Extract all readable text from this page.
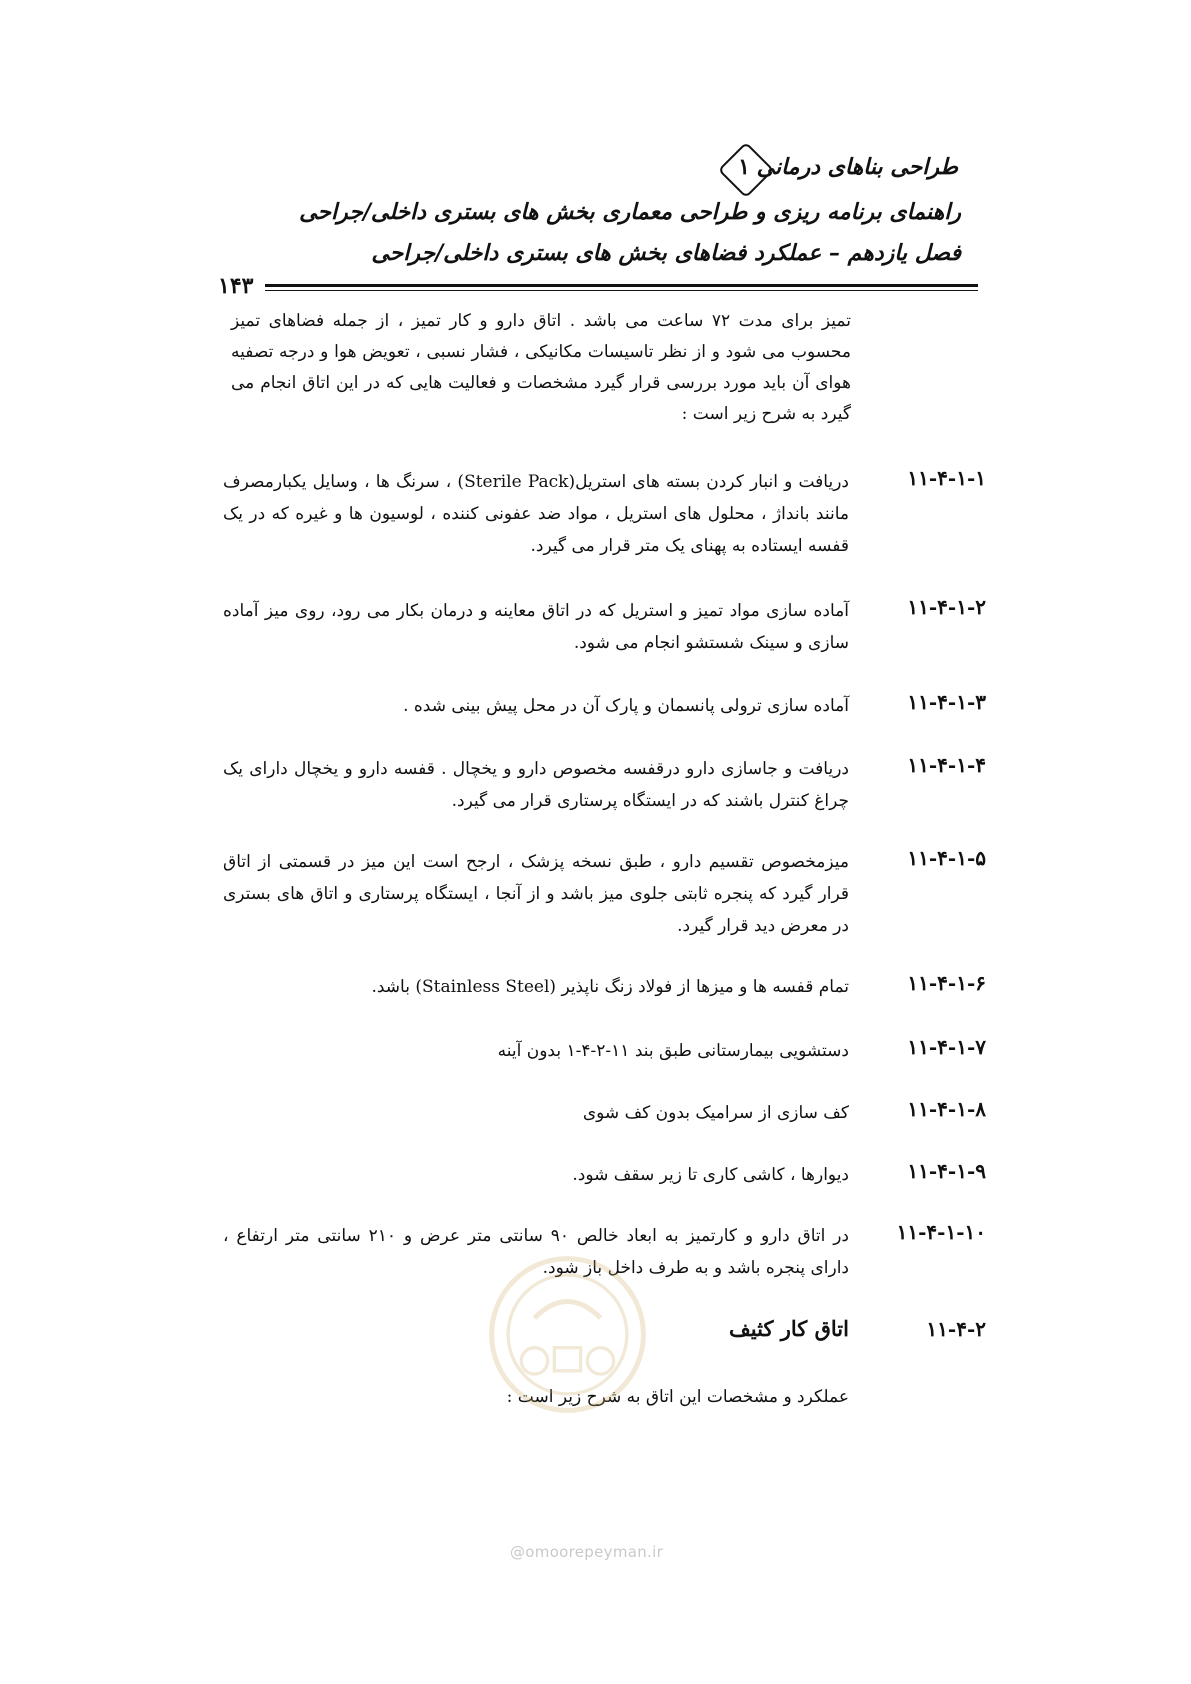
طراحی بناهای درمانی
۱
راهنمای برنامه ریزی و طراحی معماری بخش های بستری داخلی/جراحی
فصل یازدهم – عملکرد فضاهای بخش های بستری داخلی/جراحی
۱۴۳
تمیز برای مدت ۷۲ ساعت می باشد . اتاق دارو و کار تمیز ، از جمله فضاهای تمیز محسوب می شود و از نظر تاسیسات مکانیکی ، فشار نسبی ، تعویض هوا و درجه تصفیه هوای آن باید مورد بررسی قرار گیرد مشخصات و فعالیت هایی که در این اتاق انجام می گیرد به شرح زیر است :
۱۱-۴-۱-۱
دریافت و انبار کردن بسته های استریل(Sterile Pack) ، سرنگ ها ، وسایل یکبارمصرف مانند بانداژ ، محلول های استریل ، مواد ضد عفونی کننده ، لوسیون ها و غیره که در یک قفسه ایستاده به پهنای یک متر قرار می گیرد.
۱۱-۴-۱-۲
آماده سازی مواد تمیز و استریل که در اتاق معاینه و درمان بکار می رود، روی میز آماده سازی و سینک شستشو انجام می شود.
۱۱-۴-۱-۳
آماده سازی ترولی پانسمان و پارک آن در محل پیش بینی شده .
۱۱-۴-۱-۴
دریافت و جاسازی دارو درقفسه مخصوص دارو و یخچال . قفسه دارو و یخچال دارای یک چراغ کنترل باشند که در ایستگاه پرستاری قرار می گیرد.
۱۱-۴-۱-۵
میزمخصوص تقسیم دارو ، طبق نسخه پزشک ، ارجح است این میز در قسمتی از اتاق قرار گیرد که پنجره ثابتی جلوی میز باشد و از آنجا ، ایستگاه پرستاری و اتاق های بستری در معرض دید قرار گیرد.
۱۱-۴-۱-۶
تمام قفسه ها و میزها از فولاد زنگ ناپذیر (Stainless Steel) باشد.
۱۱-۴-۱-۷
دستشویی بیمارستانی طبق بند ۱۱-۲-۴-۱ بدون آینه
۱۱-۴-۱-۸
کف سازی از سرامیک بدون کف شوی
۱۱-۴-۱-۹
دیوارها ، کاشی کاری تا زیر سقف شود.
۱۱-۴-۱-۱۰
در اتاق دارو و کارتمیز به ابعاد خالص ۹۰ سانتی متر عرض و ۲۱۰ سانتی متر ارتفاع ، دارای پنجره باشد و به طرف داخل باز شود.
۱۱-۴-۲
اتاق کار کثیف
عملکرد و مشخصات این اتاق به شرح زیر است :
@omoorepeyman.ir
